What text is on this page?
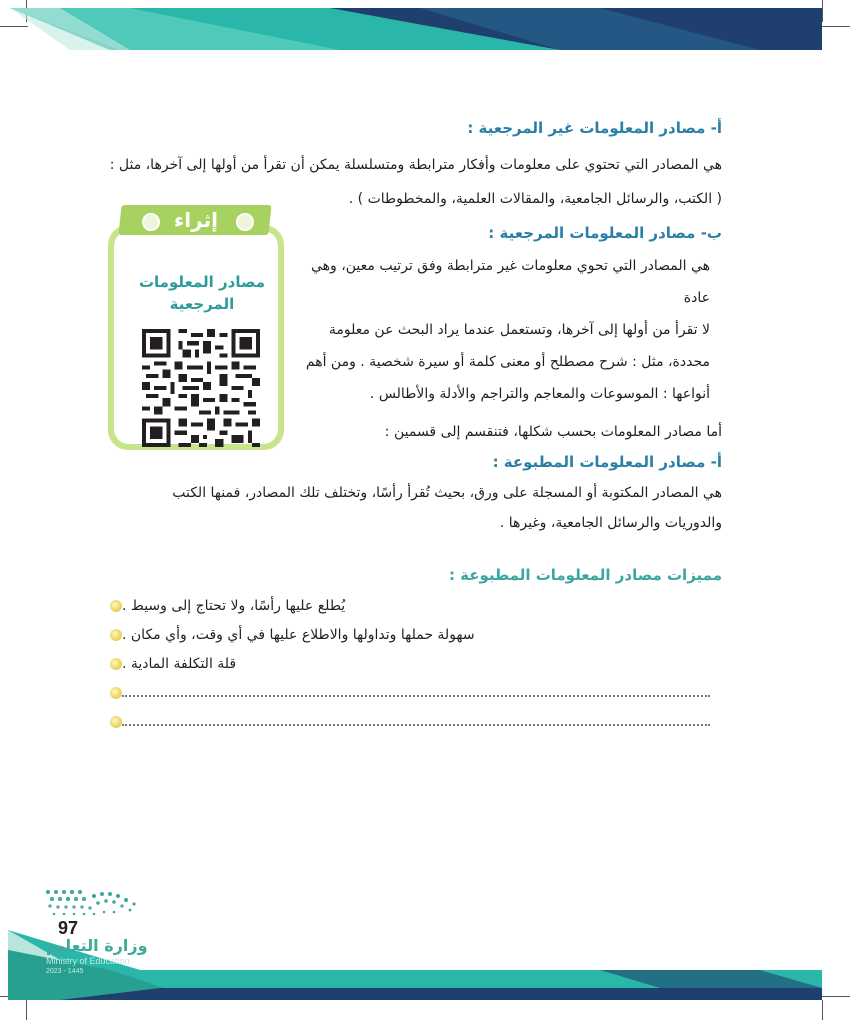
أ- مصادر المعلومات غير المرجعية :
هي المصادر التي تحتوي على معلومات وأفكار مترابطة ومتسلسلة يمكن أن تقرأ من أولها إلى آخرها، مثل :
( الكتب، والرسائل الجامعية، والمقالات العلمية، والمخطوطات ) .
مصادر المعلومات
المرجعية
إثراء
ب- مصادر المعلومات المرجعية :
هي المصادر التي تحوي معلومات غير مترابطة وفق ترتيب معين، وهي عادة
لا تقرأ من أولها إلى آخرها، وتستعمل عندما يراد البحث عن معلومة
محددة، مثل : شرح مصطلح أو معنى كلمة أو سيرة شخصية . ومن أهم
أنواعها : الموسوعات والمعاجم والتراجم والأدلة والأطالس .
أما مصادر المعلومات بحسب شكلها، فتنقسم إلى قسمين :
أ- مصادر المعلومات المطبوعة :
هي المصادر المكتوبة أو المسجلة على ورق، بحيث تُقرأ رأسًا، وتختلف تلك المصادر، فمنها الكتب
والدوريات والرسائل الجامعية، وغيرها .
مميزات مصادر المعلومات المطبوعة :
يُطلع عليها رأسًا، ولا تحتاج إلى وسيط .
سهولة حملها وتداولها والاطلاع عليها في أي وقت، وأي مكان .
قلة التكلفة المادية .
97
وزارة التعليم
Ministry of Education
2023 - 1445
